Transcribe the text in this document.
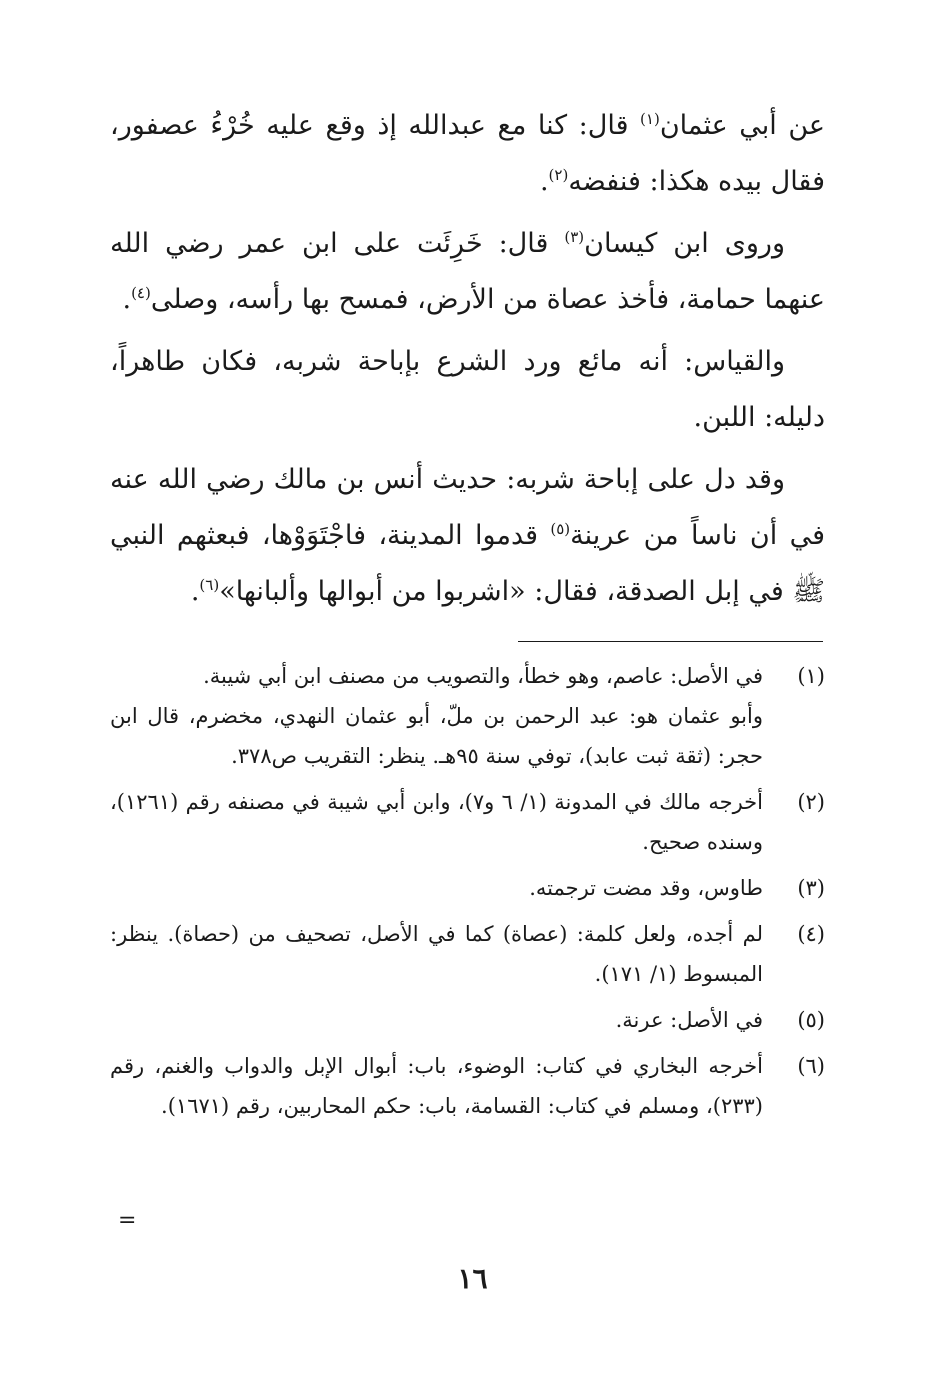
عن أبي عثمان$^{(١)}$ قال: كنا مع عبدالله إذ وقع عليه خُرْءُ عصفور، فقال بيده هكذا: فنفضه$^{(٢)}$.

وروى ابن كيسان$^{(٣)}$ قال: خَرِئَت على ابن عمر رضي الله عنهما حمامة، فأخذ عصاة من الأرض، فمسح بها رأسه، وصلى$^{(٤)}$.

والقياس: أنه مائع ورد الشرع بإباحة شربه، فكان طاهراً، دليله: اللبن.

وقد دل على إباحة شربه: حديث أنس بن مالك رضي الله عنه في أن ناساً من عرينة$^{(٥)}$ قدموا المدينة، فاجْتَوَوْها، فبعثهم النبي ﷺ في إبل الصدقة، فقال: «اشربوا من أبوالها وألبانها»$^{(٦)}$.

(١)
في الأصل: عاصم، وهو خطأ، والتصويب من مصنف ابن أبي شيبة.
وأبو عثمان هو: عبد الرحمن بن ملّ، أبو عثمان النهدي، مخضرم، قال ابن حجر: (ثقة ثبت عابد)، توفي سنة ٩٥هـ. ينظر: التقريب ص٣٧٨.
(٢)
أخرجه مالك في المدونة (١/ ٦ و٧)، وابن أبي شيبة في مصنفه رقم (١٢٦١)، وسنده صحيح.
(٣)
طاوس، وقد مضت ترجمته.
(٤)
لم أجده، ولعل كلمة: (عصاة) كما في الأصل، تصحيف من (حصاة). ينظر: المبسوط (١/ ١٧١).
(٥)
في الأصل: عرنة.
(٦)
أخرجه البخاري في كتاب: الوضوء، باب: أبوال الإبل والدواب والغنم، رقم (٢٣٣)، ومسلم في كتاب: القسامة، باب: حكم المحاربين، رقم (١٦٧١).
=
١٦
